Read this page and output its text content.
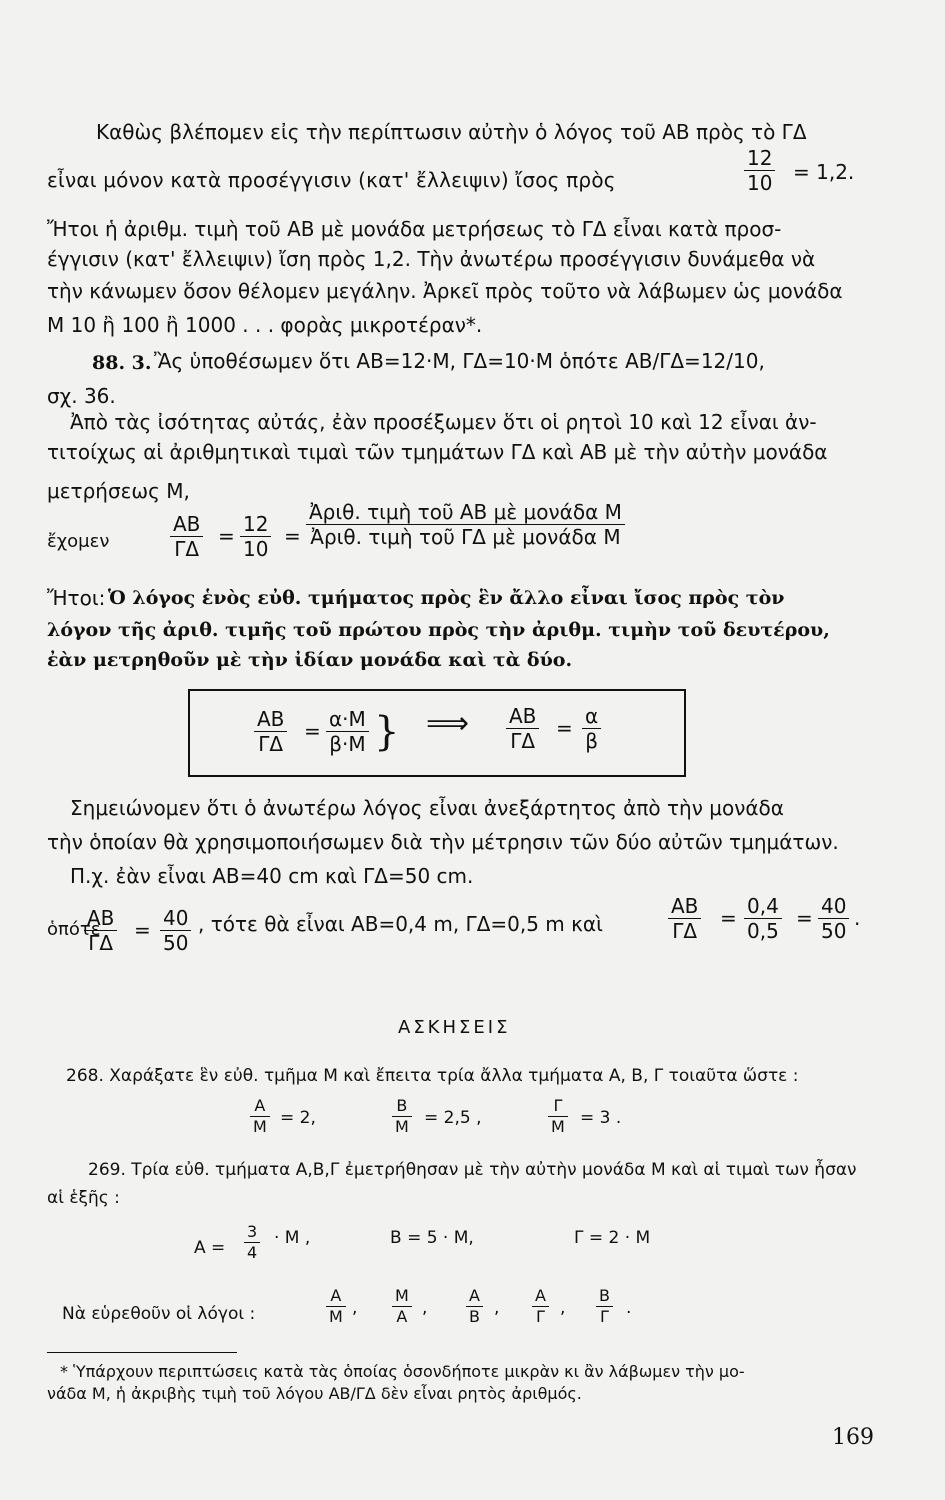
Καθὼς βλέπομεν εἰς τὴν περίπτωσιν αὐτὴν ὁ λόγος τοῦ ΑΒ πρὸς τὸ ΓΔ
εἶναι μόνον κατὰ προσέγγισιν (κατ' ἔλλειψιν) ἴσος πρὸς	$\frac{12}{10} = 1,2$.
Ἤτοι ἡ ἀριθμ. τιμὴ τοῦ ΑΒ μὲ μονάδα μετρήσεως τὸ ΓΔ εἶναι κατὰ προσ-
έγγισιν (κατ' ἔλλειψιν) ἴση πρὸς 1,2. Τὴν ἀνωτέρω προσέγγισιν δυνάμεθα νὰ
τὴν κάνωμεν ὅσον θέλομεν μεγάλην. Ἀρκεῖ πρὸς τοῦτο νὰ λάβωμεν ὡς μονάδα
Μ 10 ἢ 100 ἢ 1000 . . . φορὰς μικροτέραν*.
88. 3. Ἂς ὑποθέσωμεν ὅτι ΑΒ=12·Μ, ΓΔ=10·Μ ὁπότε ΑΒ/ΓΔ=12/10,
σχ. 36.
Ἀπὸ τὰς ἰσότητας αὐτάς, ἐὰν προσέξωμεν ὅτι οἱ ρητοὶ 10 καὶ 12 εἶναι ἀν-
τιτοίχως αἱ ἀριθμητικαὶ τιμαὶ τῶν τμημάτων ΓΔ καὶ ΑΒ μὲ τὴν αὐτὴν μονάδα
μετρήσεως Μ,
ἔχομεν	$\frac{AB}{\Gamma\Delta} = \frac{12}{10}$ =
Ἀριθ. τιμὴ τοῦ ΑΒ μὲ μονάδα Μ
Ἀριθ. τιμὴ τοῦ ΓΔ μὲ μονάδα Μ
Ἤτοι: Ὁ λόγος ἑνὸς εὐθ. τμήματος πρὸς ἓν ἄλλο εἶναι ἴσος πρὸς τὸν
λόγον τῆς ἀριθ. τιμῆς τοῦ πρώτου πρὸς τὴν ἀριθμ. τιμὴν τοῦ δευτέρου,
ἐὰν μετρηθοῦν μὲ τὴν ἰδίαν μονάδα καὶ τὰ δύο.
$\frac{AB}{\Gamma\Delta} = \frac{\alpha\cdot M}{\beta\cdot M}$ } ⟹ $\frac{AB}{\Gamma\Delta} = \frac{\alpha}{\beta}$
Σημειώνομεν ὅτι ὁ ἀνωτέρω λόγος εἶναι ἀνεξάρτητος ἀπὸ τὴν μονάδα
τὴν ὁποίαν θὰ χρησιμοποιήσωμεν διὰ τὴν μέτρησιν τῶν δύο αὐτῶν τμημάτων.
Π.χ. ἐὰν εἶναι ΑΒ=40 cm καὶ ΓΔ=50 cm.
ὁπότε
$\frac{AB}{\Gamma\Delta} = \frac{40}{50}$ , τότε θὰ εἶναι ΑΒ=0,4 m, ΓΔ=0,5 m καὶ	$\frac{AB}{\Gamma\Delta} = \frac{0,4}{0,5} = \frac{40}{50}$ .
ΑΣΚΗΣΕΙΣ
268. Χαράξατε ἓν εὐθ. τμῆμα Μ καὶ ἔπειτα τρία ἄλλα τμήματα Α, Β, Γ τοιαῦτα ὥστε :
$\frac{A}{M} = 2$,	$\frac{B}{M} = 2,5$ ,	$\frac{\Gamma}{M} = 3$ .
269. Τρία εὐθ. τμήματα Α,Β,Γ ἐμετρήθησαν μὲ τὴν αὐτὴν μονάδα Μ καὶ αἱ τιμαὶ των ἦσαν
αἱ ἑξῆς :
$A = \frac{3}{4} \cdot M$ ,	Β = 5 · Μ,	Γ = 2 · Μ
Νὰ εὑρεθοῦν οἱ λόγοι :	$\frac{A}{M}$ , $\frac{M}{A}$ , $\frac{A}{B}$ , $\frac{A}{\Gamma}$ , $\frac{B}{\Gamma}$ .
* Ὑπάρχουν περιπτώσεις κατὰ τὰς ὁποίας ὁσονδήποτε μικρὰν κι ἂν λάβωμεν τὴν μο-
νάδα Μ, ἡ ἀκριβὴς τιμὴ τοῦ λόγου ΑΒ/ΓΔ δὲν εἶναι ρητὸς ἀριθμός.
169
